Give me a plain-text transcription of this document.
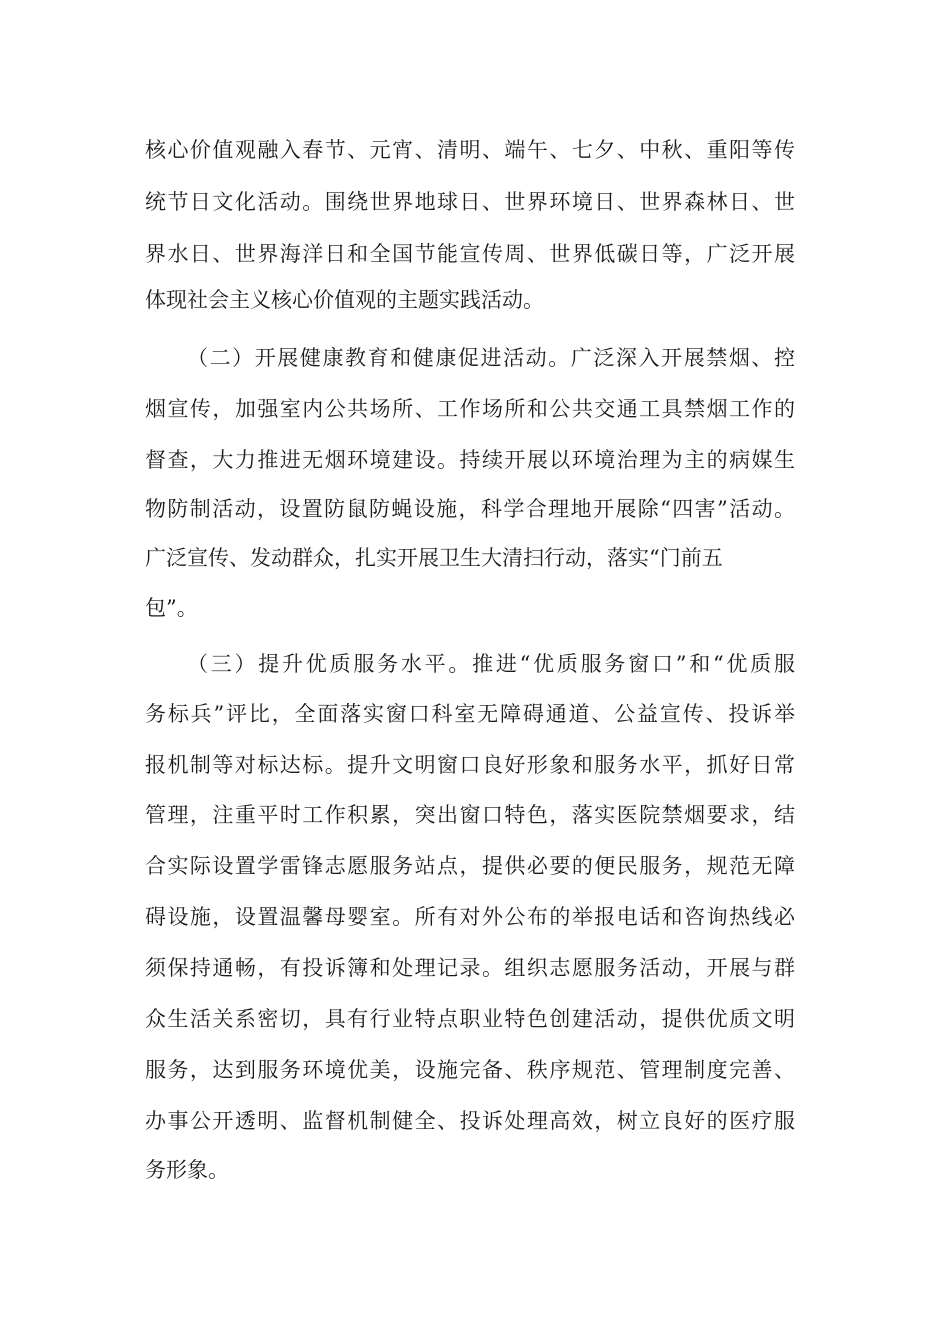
核心价值观融入春节、元宵、清明、端午、七夕、中秋、重阳等传
统节日文化活动。围绕世界地球日、世界环境日、世界森林日、世
界水日、世界海洋日和全国节能宣传周、世界低碳日等，广泛开展
体现社会主义核心价值观的主题实践活动。
（二）开展健康教育和健康促进活动。广泛深入开展禁烟、控
烟宣传，加强室内公共场所、工作场所和公共交通工具禁烟工作的
督查，大力推进无烟环境建设。持续开展以环境治理为主的病媒生
物防制活动，设置防鼠防蝇设施，科学合理地开展除“四害”活动。
广泛宣传、发动群众，扎实开展卫生大清扫行动，落实“门前五
包”。
（三）提升优质服务水平。推进“优质服务窗口”和“优质服
务标兵”评比，全面落实窗口科室无障碍通道、公益宣传、投诉举
报机制等对标达标。提升文明窗口良好形象和服务水平，抓好日常
管理，注重平时工作积累，突出窗口特色，落实医院禁烟要求，结
合实际设置学雷锋志愿服务站点，提供必要的便民服务，规范无障
碍设施，设置温馨母婴室。所有对外公布的举报电话和咨询热线必
须保持通畅，有投诉簿和处理记录。组织志愿服务活动，开展与群
众生活关系密切，具有行业特点职业特色创建活动，提供优质文明
服务，达到服务环境优美，设施完备、秩序规范、管理制度完善、
办事公开透明、监督机制健全、投诉处理高效，树立良好的医疗服
务形象。
